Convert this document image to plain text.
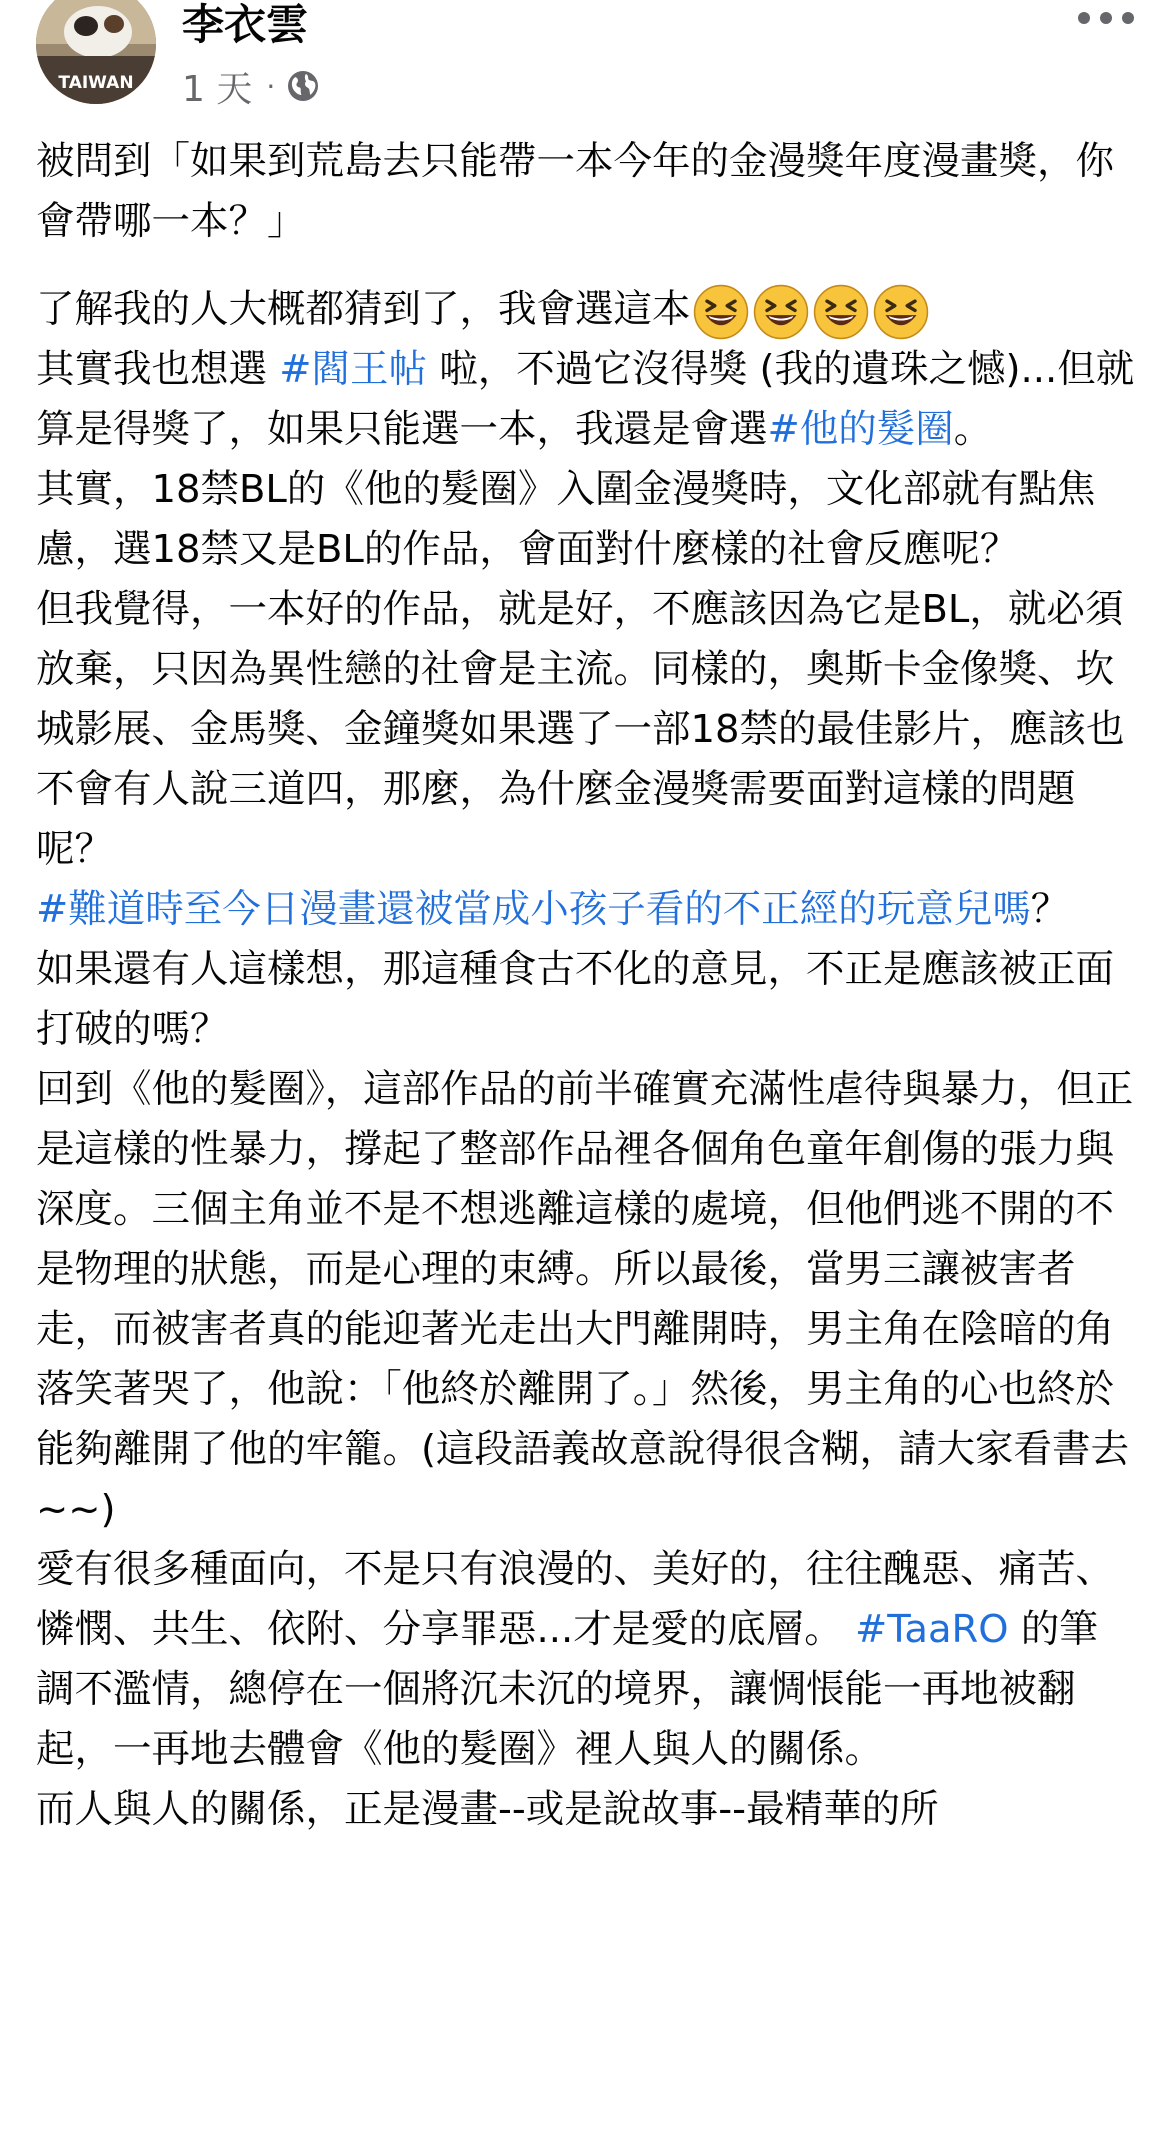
TAIWAN
李衣雲
1 天 ·

被問到「如果到荒島去只能帶一本今年的金漫獎年度漫畫獎，你會帶哪一本？」

了解我的人大概都猜到了，我會選這本

其實我也想選 #閻王帖 啦，不過它沒得獎 (我的遺珠之憾)...但就算是得獎了，如果只能選一本，我還是會選#他的髮圈。

其實，18禁BL的《他的髮圈》入圍金漫獎時，文化部就有點焦慮，選18禁又是BL的作品，會面對什麼樣的社會反應呢？

但我覺得，一本好的作品，就是好，不應該因為它是BL，就必須放棄，只因為異性戀的社會是主流。同樣的，奧斯卡金像獎、坎城影展、金馬獎、金鐘獎如果選了一部18禁的最佳影片，應該也不會有人說三道四，那麼，為什麼金漫獎需要面對這樣的問題呢？

#難道時至今日漫畫還被當成小孩子看的不正經的玩意兒嗎？

如果還有人這樣想，那這種食古不化的意見，不正是應該被正面打破的嗎？

回到《他的髮圈》，這部作品的前半確實充滿性虐待與暴力，但正是這樣的性暴力，撐起了整部作品裡各個角色童年創傷的張力與深度。三個主角並不是不想逃離這樣的處境，但他們逃不開的不是物理的狀態，而是心理的束縛。所以最後，當男三讓被害者走，而被害者真的能迎著光走出大門離開時，男主角在陰暗的角落笑著哭了，他說：「他終於離開了。」然後，男主角的心也終於能夠離開了他的牢籠。(這段語義故意說得很含糊，請大家看書去~~)

愛有很多種面向，不是只有浪漫的、美好的，往往醜惡、痛苦、憐憫、共生、依附、分享罪惡...才是愛的底層。 #TaaRO 的筆調不濫情，總停在一個將沉未沉的境界，讓惆悵能一再地被翻起，一再地去體會《他的髮圈》裡人與人的關係。

而人與人的關係，正是漫畫--或是說故事--最精華的所
